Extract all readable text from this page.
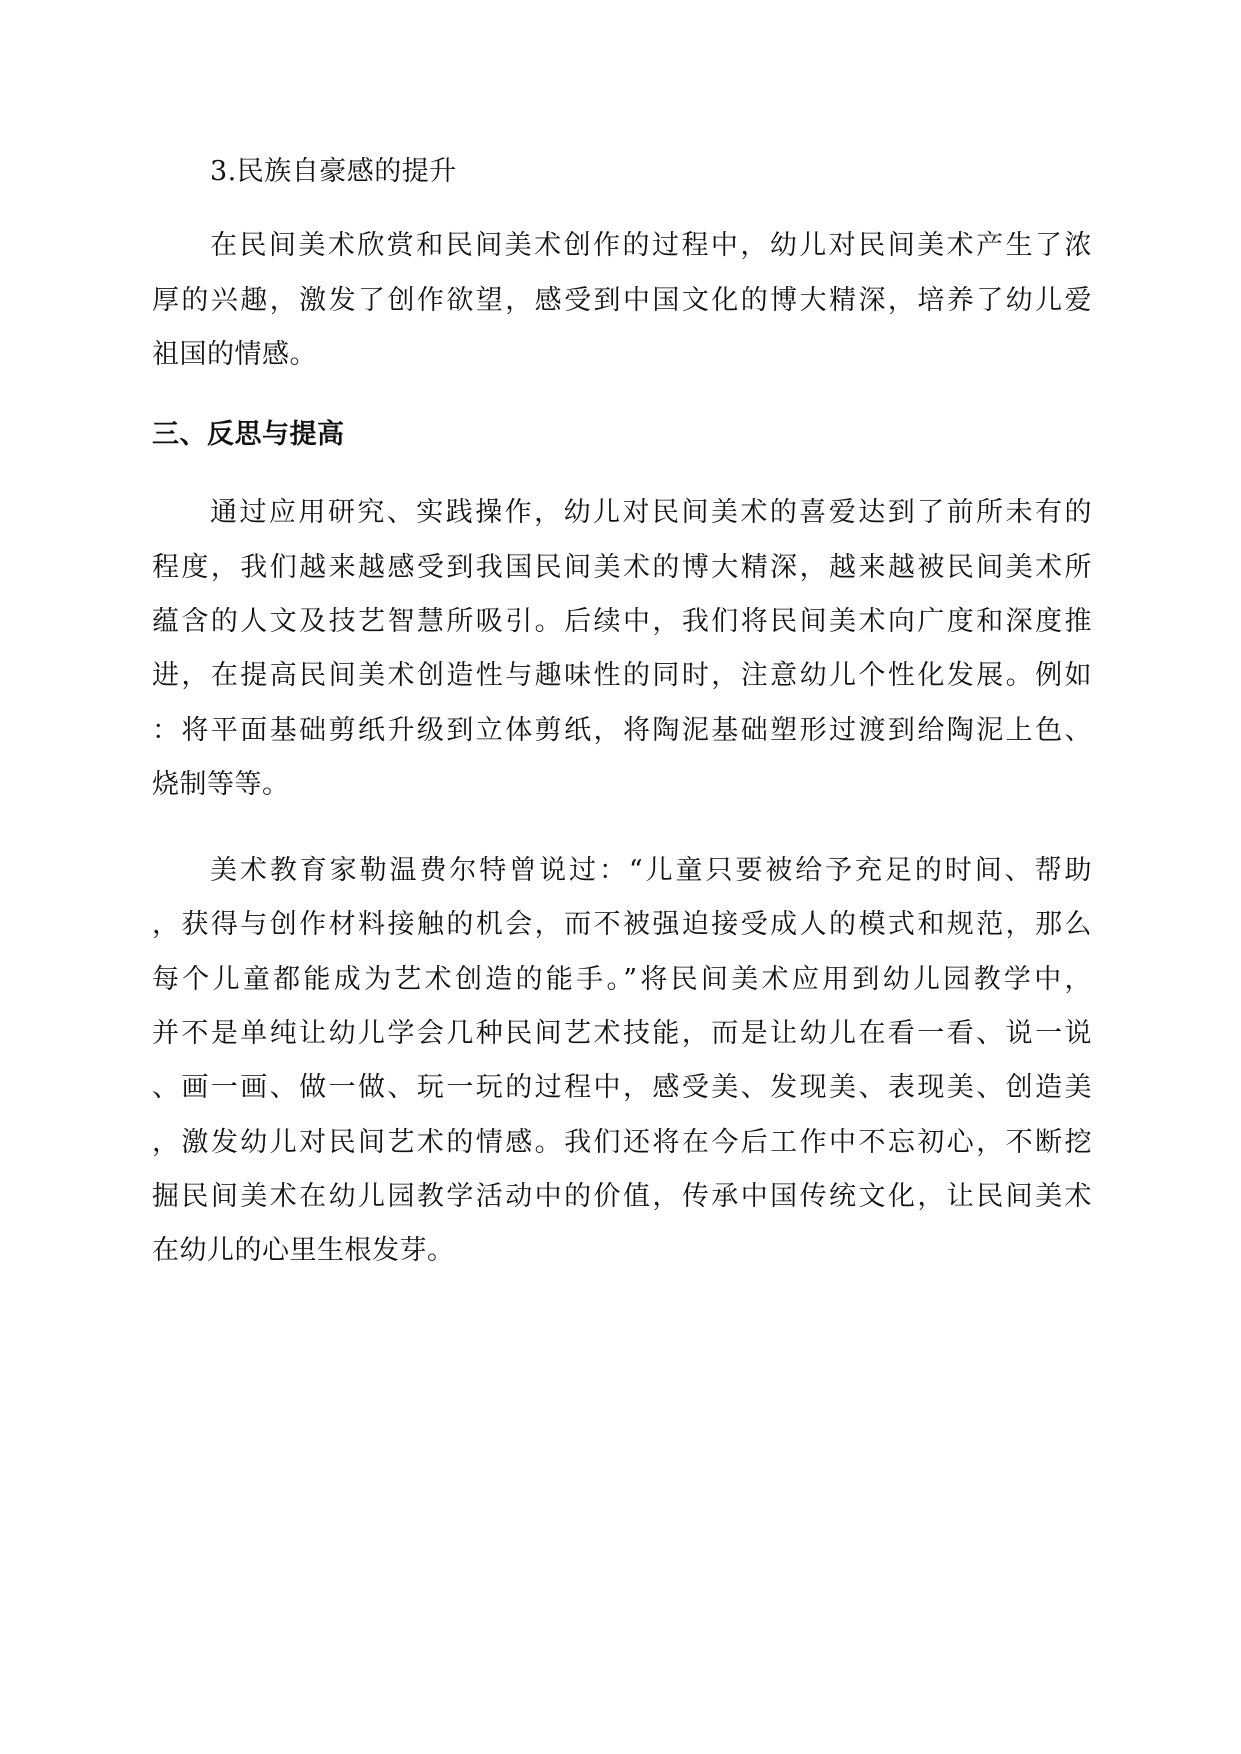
3.民族自豪感的提升
在民间美术欣赏和民间美术创作的过程中，幼儿对民间美术产生了浓
厚的兴趣，激发了创作欲望，感受到中国文化的博大精深，培养了幼儿爱
祖国的情感。
三、反思与提高
通过应用研究、实践操作，幼儿对民间美术的喜爱达到了前所未有的
程度，我们越来越感受到我国民间美术的博大精深，越来越被民间美术所
蕴含的人文及技艺智慧所吸引。后续中，我们将民间美术向广度和深度推
进，在提高民间美术创造性与趣味性的同时，注意幼儿个性化发展。例如
：将平面基础剪纸升级到立体剪纸，将陶泥基础塑形过渡到给陶泥上色、
烧制等等。
美术教育家勒温费尔特曾说过：“儿童只要被给予充足的时间、帮助
，获得与创作材料接触的机会，而不被强迫接受成人的模式和规范，那么
每个儿童都能成为艺术创造的能手。”将民间美术应用到幼儿园教学中，
并不是单纯让幼儿学会几种民间艺术技能，而是让幼儿在看一看、说一说
、画一画、做一做、玩一玩的过程中，感受美、发现美、表现美、创造美
，激发幼儿对民间艺术的情感。我们还将在今后工作中不忘初心，不断挖
掘民间美术在幼儿园教学活动中的价值，传承中国传统文化，让民间美术
在幼儿的心里生根发芽。
